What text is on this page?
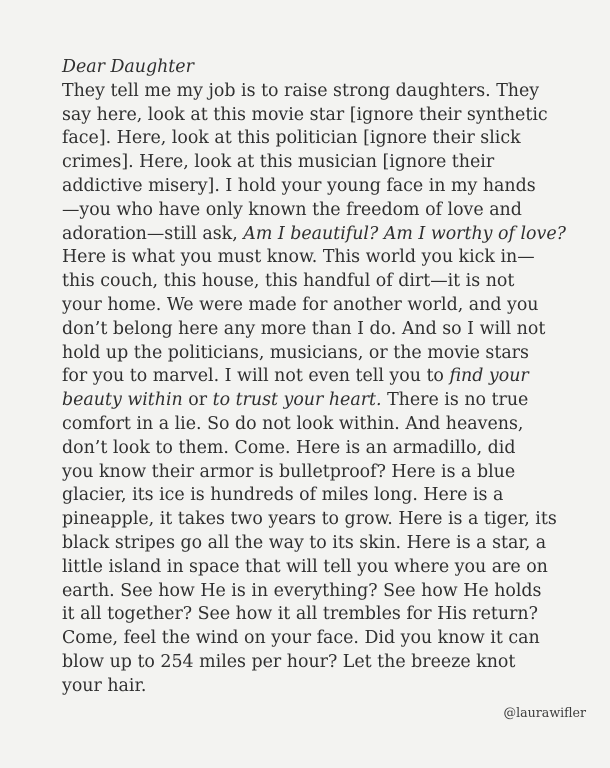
Dear Daughter
They tell me my job is to raise strong daughters. They
say here, look at this movie star [ignore their synthetic
face]. Here, look at this politician [ignore their slick
crimes]. Here, look at this musician [ignore their
addictive misery]. I hold your young face in my hands
—you who have only known the freedom of love and
adoration—still ask, Am I beautiful? Am I worthy of love?
Here is what you must know. This world you kick in—
this couch, this house, this handful of dirt—it is not
your home. We were made for another world, and you
don’t belong here any more than I do. And so I will not
hold up the politicians, musicians, or the movie stars
for you to marvel. I will not even tell you to find your
beauty within or to trust your heart. There is no true
comfort in a lie. So do not look within. And heavens,
don’t look to them. Come. Here is an armadillo, did
you know their armor is bulletproof? Here is a blue
glacier, its ice is hundreds of miles long. Here is a
pineapple, it takes two years to grow. Here is a tiger, its
black stripes go all the way to its skin. Here is a star, a
little island in space that will tell you where you are on
earth. See how He is in everything? See how He holds
it all together? See how it all trembles for His return?
Come, feel the wind on your face. Did you know it can
blow up to 254 miles per hour? Let the breeze knot
your hair.
@laurawifler
